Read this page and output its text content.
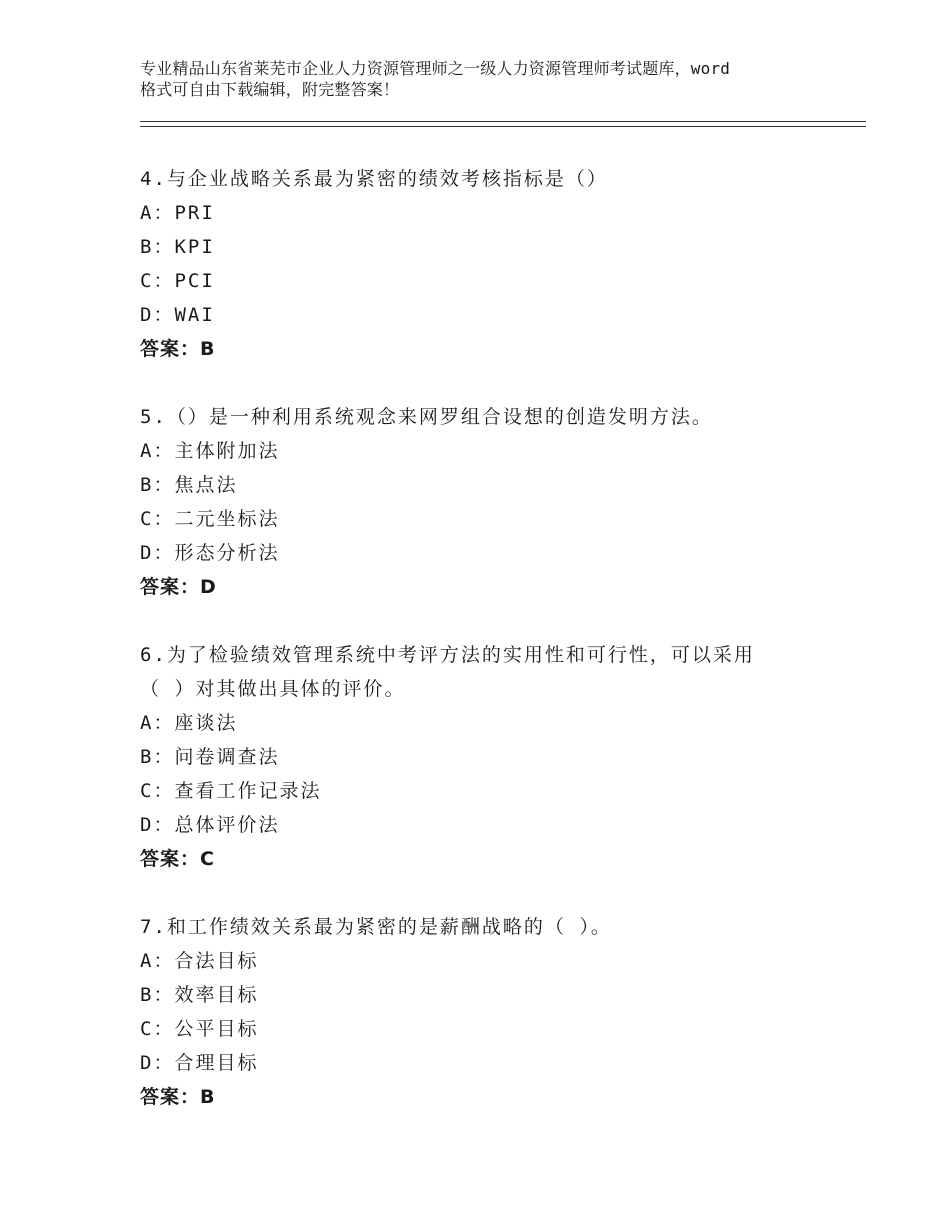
专业精品山东省莱芜市企业人力资源管理师之一级人力资源管理师考试题库，word
格式可自由下载编辑，附完整答案！
4.与企业战略关系最为紧密的绩效考核指标是（）
A：PRI
B：KPI
C：PCI
D：WAI
答案：B
5.（）是一种利用系统观念来网罗组合设想的创造发明方法。
A：主体附加法
B：焦点法
C：二元坐标法
D：形态分析法
答案：D
6.为了检验绩效管理系统中考评方法的实用性和可行性，可以采用
（ ）对其做出具体的评价。
A：座谈法
B：问卷调查法
C：查看工作记录法
D：总体评价法
答案：C
7.和工作绩效关系最为紧密的是薪酬战略的（ ）。
A：合法目标
B：效率目标
C：公平目标
D：合理目标
答案：B
